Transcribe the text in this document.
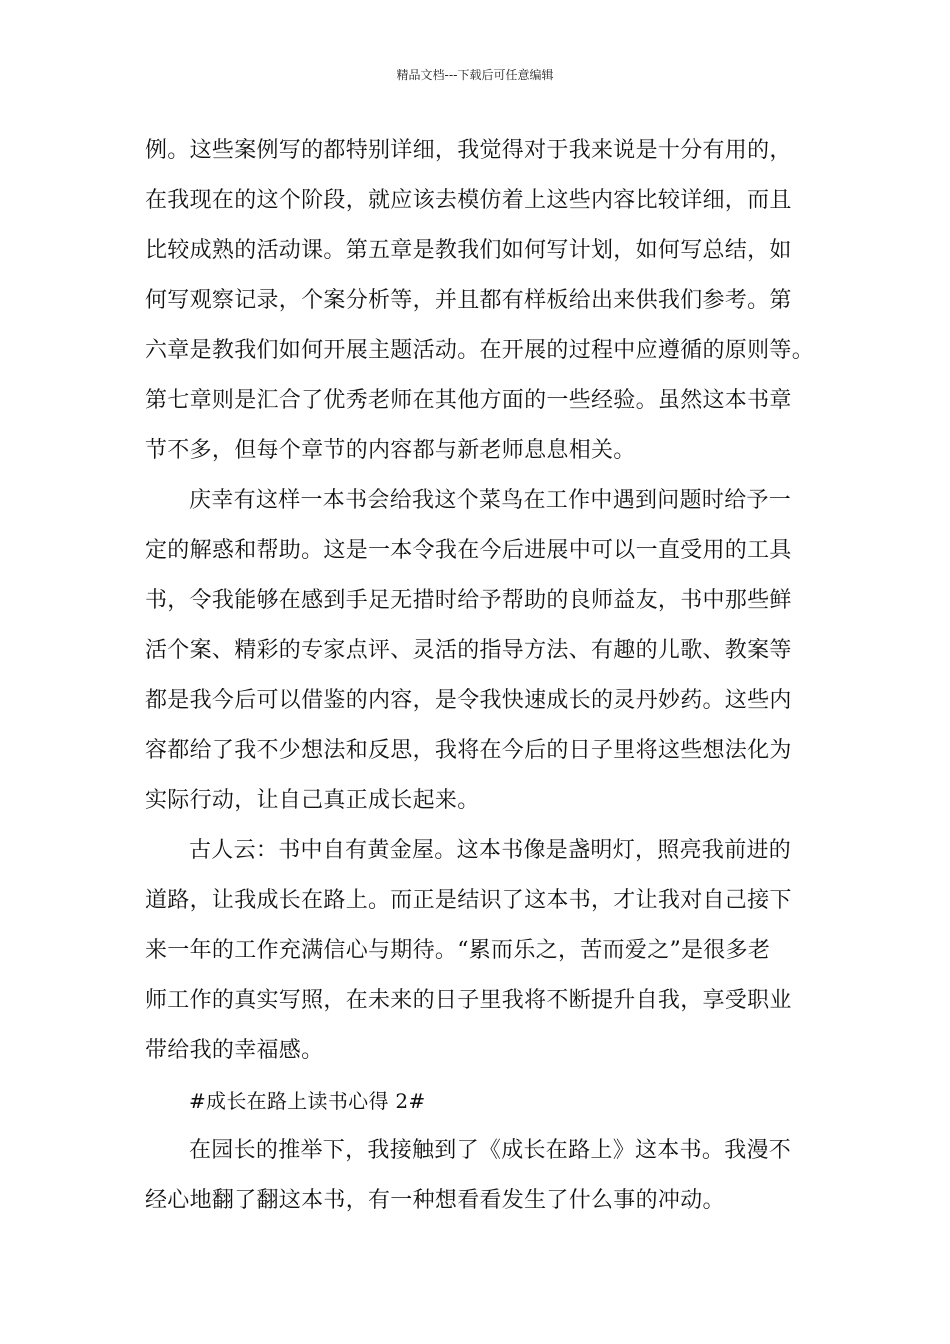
精品文档---下载后可任意编辑
例。这些案例写的都特别详细，我觉得对于我来说是十分有用的，
在我现在的这个阶段，就应该去模仿着上这些内容比较详细，而且
比较成熟的活动课。第五章是教我们如何写计划，如何写总结，如
何写观察记录，个案分析等，并且都有样板给出来供我们参考。第
六章是教我们如何开展主题活动。在开展的过程中应遵循的原则等。
第七章则是汇合了优秀老师在其他方面的一些经验。虽然这本书章
节不多，但每个章节的内容都与新老师息息相关。
庆幸有这样一本书会给我这个菜鸟在工作中遇到问题时给予一
定的解惑和帮助。这是一本令我在今后进展中可以一直受用的工具
书，令我能够在感到手足无措时给予帮助的良师益友，书中那些鲜
活个案、精彩的专家点评、灵活的指导方法、有趣的儿歌、教案等
都是我今后可以借鉴的内容，是令我快速成长的灵丹妙药。这些内
容都给了我不少想法和反思，我将在今后的日子里将这些想法化为
实际行动，让自己真正成长起来。
古人云：书中自有黄金屋。这本书像是盏明灯，照亮我前进的
道路，让我成长在路上。而正是结识了这本书，才让我对自己接下
来一年的工作充满信心与期待。“累而乐之，苦而爱之”是很多老
师工作的真实写照，在未来的日子里我将不断提升自我，享受职业
带给我的幸福感。
#成长在路上读书心得 2#
在园长的推举下，我接触到了《成长在路上》这本书。我漫不
经心地翻了翻这本书，有一种想看看发生了什么事的冲动。
